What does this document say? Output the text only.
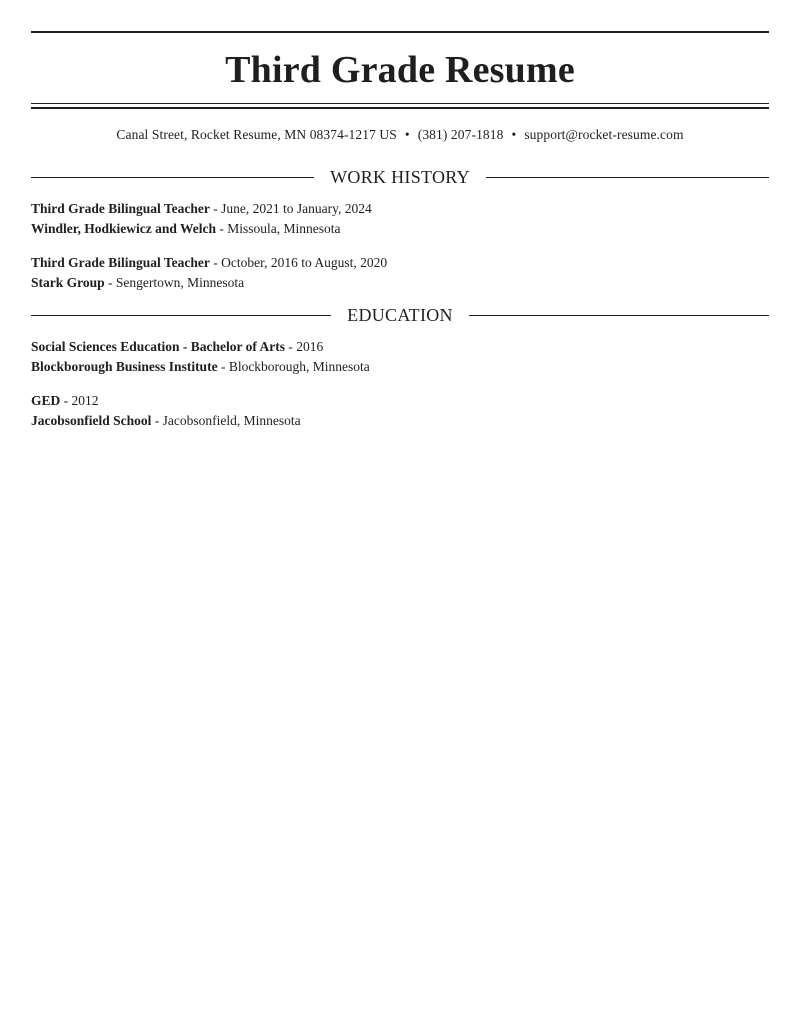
Third Grade Resume
Canal Street, Rocket Resume, MN 08374-1217 US • (381) 207-1818 • support@rocket-resume.com
WORK HISTORY
Third Grade Bilingual Teacher - June, 2021 to January, 2024
Windler, Hodkiewicz and Welch - Missoula, Minnesota
Third Grade Bilingual Teacher - October, 2016 to August, 2020
Stark Group - Sengertown, Minnesota
EDUCATION
Social Sciences Education - Bachelor of Arts - 2016
Blockborough Business Institute - Blockborough, Minnesota
GED - 2012
Jacobsonfield School - Jacobsonfield, Minnesota
